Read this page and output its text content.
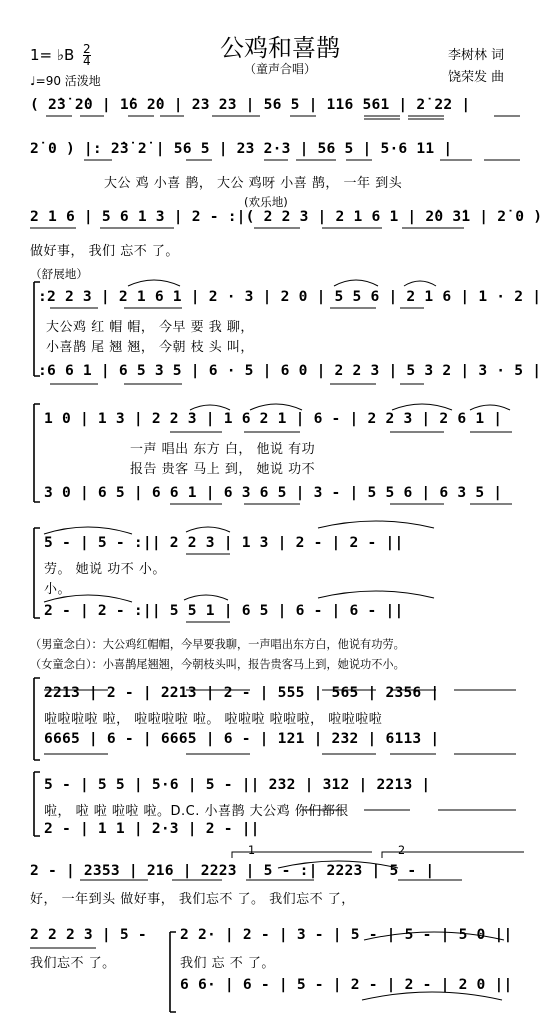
公鸡和喜鹊
（童声合唱）
1= ♭B $\frac{2}{4}$
♩=90 活泼地
李树林 词
饶荣发 曲
( 2̇3̇ 2̇0 | 1̇6 2̇0 | 23 23 | 56 5 | 116 561 | 2̇ 22 |
2̇ 0 ) |: 2̇3̇ 2̇ | 56 5 | 23 2·3 | 56 5 | 5·6 11 |
大公 鸡 小喜 鹊， 大公 鸡呀 小喜 鹊， 一年 到头
(欢乐地)
2 1 6 | 5 6 1 3 | 2 - :|( 2 2 3 | 2 1 6 1 | 2̇0 3̇1 | 2̇ 0 )
做好事， 我们 忘不 了。
（舒展地）
:2 2 3 | 2 1 6 1 | 2 · 3 | 2 0 | 5 5 6 | 2 1 6 | 1 · 2 |
大公鸡 红 帽 帽， 今早 要 我 聊，
小喜鹊 尾 翘 翘， 今朝 枝 头 叫，
:6 6 1 | 6 5 3 5 | 6 · 5 | 6 0 | 2 2 3 | 5 3 2 | 3 · 5 |
1 0 | 1 3 | 2 2 3 | 1 6 2 1 | 6 - | 2 2 3 | 2 6 1 |
一声 唱出 东方 白， 他说 有功
报告 贵客 马上 到， 她说 功不
3 0 | 6 5 | 6 6 1 | 6 3 6 5 | 3 - | 5 5 6 | 6 3 5 |
5 - | 5 - :|| 2 2 3 | 1 3 | 2 - | 2 - ||
劳。 她说 功不 小。
小。
2 - | 2 - :|| 5 5 1 | 6 5 | 6 - | 6 - ||
（男童念白）：大公鸡红帽帽，今早要我聊，一声唱出东方白，他说有功劳。
（女童念白）：小喜鹊尾翘翘，今朝枝头叫，报告贵客马上到，她说功不小。
2213 | 2 - | 2213 | 2 - | 555 | 565 | 2356 |
啦啦啦啦 啦， 啦啦啦啦 啦。 啦啦啦 啦啦啦， 啦啦啦啦
6665 | 6 - | 6665 | 6 - | 121 | 232 | 6113 |
5 - | 5 5 | 5·6 | 5 - || 232 | 312 | 2213 |
啦， 啦 啦 啦啦 啦。D.C. 小喜鹊 大公鸡 你们都很
2 - | 1 1 | 2·3 | 2 - ||
1	2
2 - | 2353 | 216 | 2223 | 5 - :| 2223 | 5 - |
好， 一年到头 做好事， 我们忘不 了。 我们忘不 了，
2 2 2 3 | 5 -
我们忘不 了。
2 2· | 2 - | 3 - | 5 - | 5 - | 5 0 ||
我们 忘 不 了。
6 6· | 6 - | 5 - | 2 - | 2 - | 2 0 ||
